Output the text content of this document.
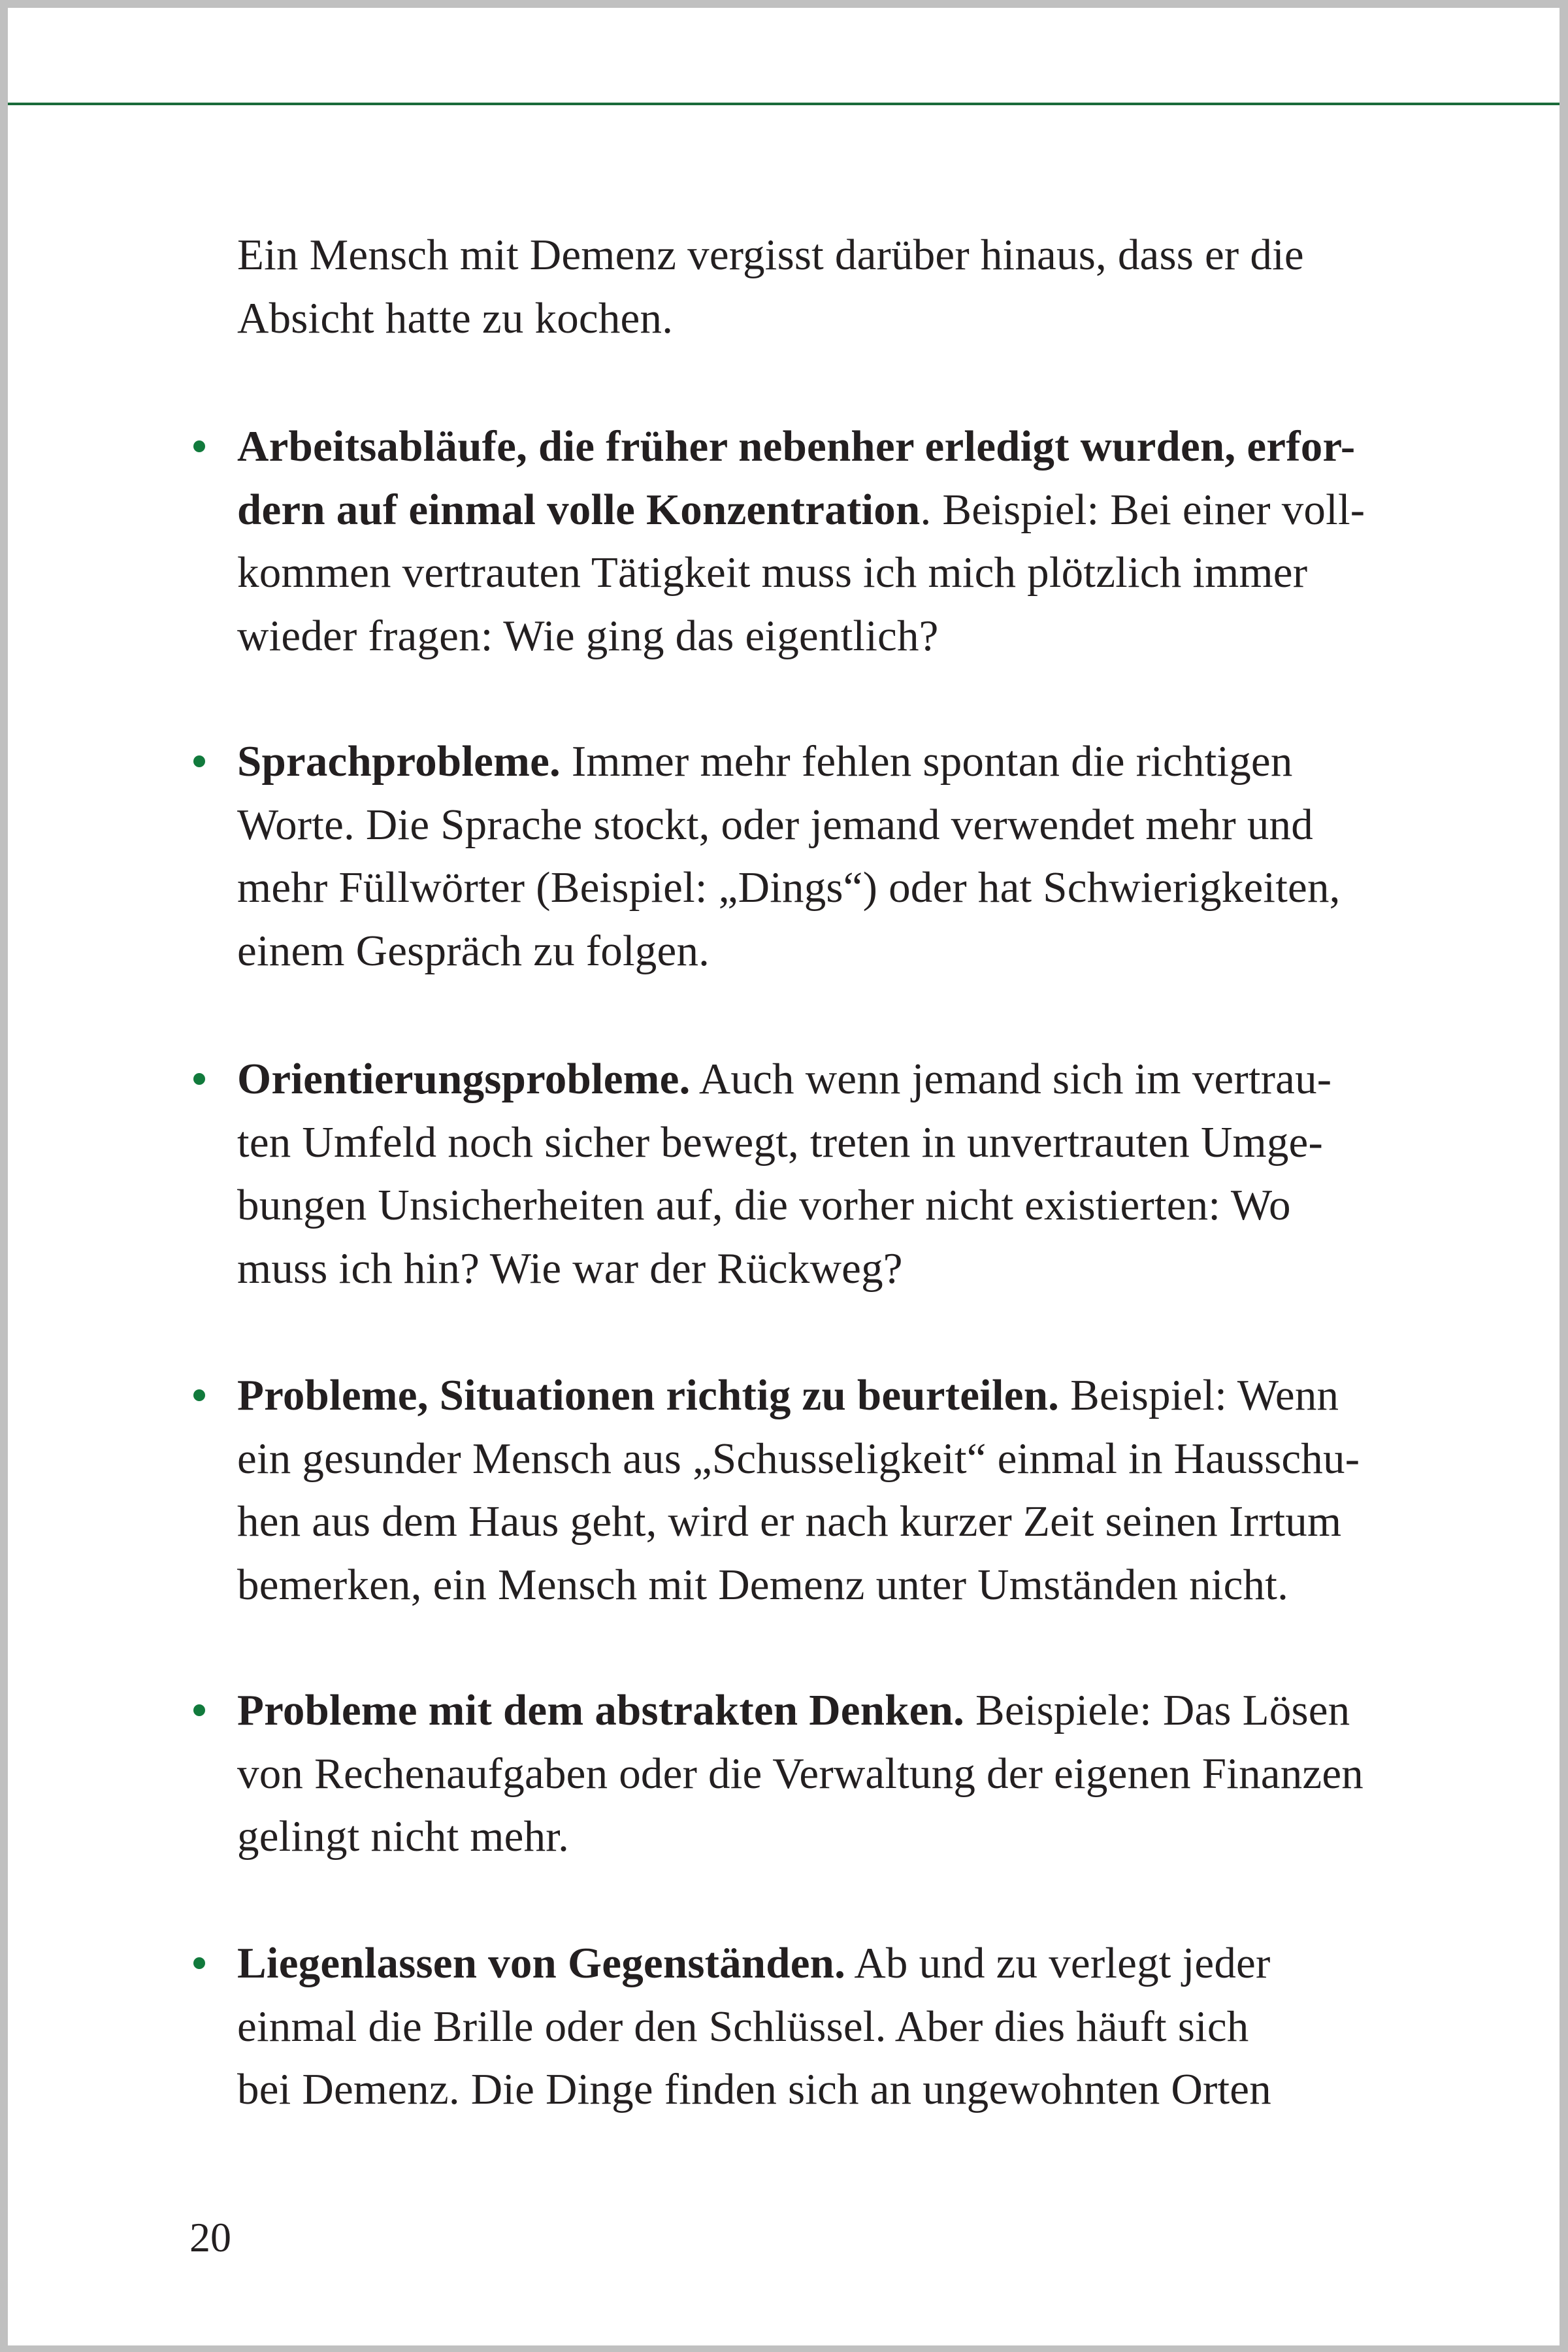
Ein Mensch mit Demenz vergisst darüber hinaus, dass er die
Absicht hatte zu kochen.
Arbeitsabläufe, die früher nebenher erledigt wurden, erfor-
dern auf einmal volle Konzentration. Beispiel: Bei einer voll-
kommen vertrauten Tätigkeit muss ich mich plötzlich immer
wieder fragen: Wie ging das eigentlich?
Sprachprobleme. Immer mehr fehlen spontan die richtigen
Worte. Die Sprache stockt, oder jemand verwendet mehr und
mehr Füllwörter (Beispiel: „Dings“) oder hat Schwierigkeiten,
einem Gespräch zu folgen.
Orientierungsprobleme. Auch wenn jemand sich im vertrau-
ten Umfeld noch sicher bewegt, treten in unvertrauten Umge-
bungen Unsicherheiten auf, die vorher nicht existierten: Wo
muss ich hin? Wie war der Rückweg?
Probleme, Situationen richtig zu beurteilen. Beispiel: Wenn
ein gesunder Mensch aus „Schusseligkeit“ einmal in Hausschu-
hen aus dem Haus geht, wird er nach kurzer Zeit seinen Irrtum
bemerken, ein Mensch mit Demenz unter Umständen nicht.
Probleme mit dem abstrakten Denken. Beispiele: Das Lösen
von Rechenaufgaben oder die Verwaltung der eigenen Finanzen
gelingt nicht mehr.
Liegenlassen von Gegenständen. Ab und zu verlegt jeder
einmal die Brille oder den Schlüssel. Aber dies häuft sich
bei Demenz. Die Dinge finden sich an ungewohnten Orten
20
